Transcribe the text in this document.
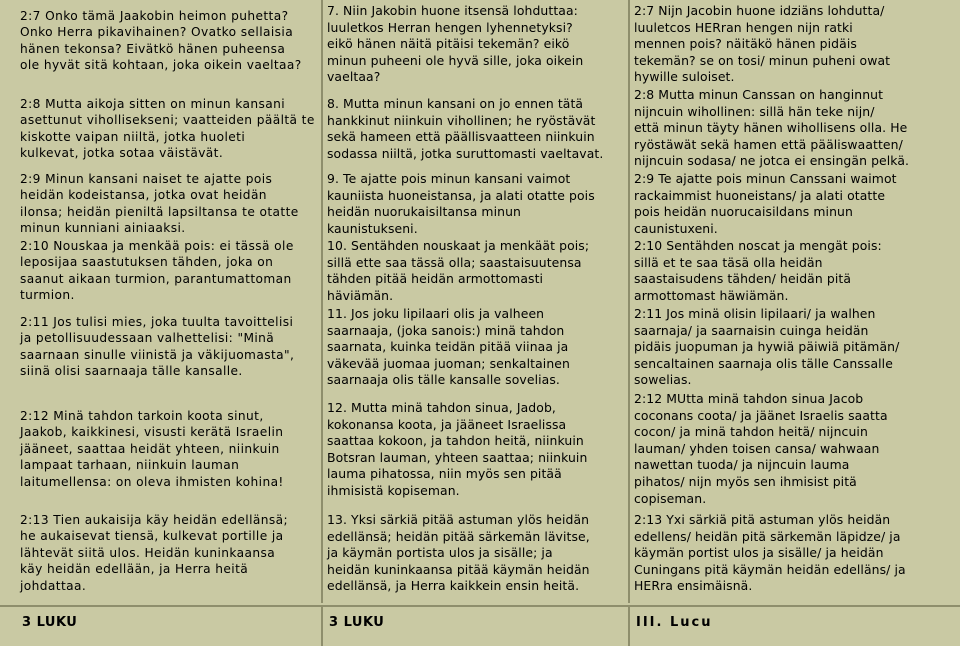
2:7 Onko tämä Jaakobin heimon puhetta?
Onko Herra pikavihainen? Ovatko sellaisia
hänen tekonsa? Eivätkö hänen puheensa
ole hyvät sitä kohtaan, joka oikein vaeltaa?
2:8 Mutta aikoja sitten on minun kansani
asettunut vihollisekseni; vaatteiden päältä te
kiskotte vaipan niiltä, jotka huoleti
kulkevat, jotka sotaa väistävät.
2:9 Minun kansani naiset te ajatte pois
heidän kodeistansa, jotka ovat heidän
ilonsa; heidän pieniltä lapsiltansa te otatte
minun kunniani ainiaaksi.
2:10 Nouskaa ja menkää pois: ei tässä ole
leposijaa saastutuksen tähden, joka on
saanut aikaan turmion, parantumattoman
turmion.
2:11 Jos tulisi mies, joka tuulta tavoittelisi
ja petollisuudessaan valhettelisi: "Minä
saarnaan sinulle viinistä ja väkijuomasta",
siinä olisi saarnaaja tälle kansalle.
2:12 Minä tahdon tarkoin koota sinut,
Jaakob, kaikkinesi, visusti kerätä Israelin
jääneet, saattaa heidät yhteen, niinkuin
lampaat tarhaan, niinkuin lauman
laitumellensa: on oleva ihmisten kohina!
2:13 Tien aukaisija käy heidän edellänsä;
he aukaisevat tiensä, kulkevat portille ja
lähtevät siitä ulos. Heidän kuninkaansa
käy heidän edellään, ja Herra heitä
johdattaa.
7. Niin Jakobin huone itsensä lohduttaa:
luuletkos Herran hengen lyhennetyksi?
eikö hänen näitä pitäisi tekemän? eikö
minun puheeni ole hyvä sille, joka oikein
vaeltaa?
8. Mutta minun kansani on jo ennen tätä
hankkinut niinkuin vihollinen; he ryöstävät
sekä hameen että päällisvaatteen niinkuin
sodassa niiltä, jotka suruttomasti vaeltavat.
9. Te ajatte pois minun kansani vaimot
kauniista huoneistansa, ja alati otatte pois
heidän nuorukaisiltansa minun
kaunistukseni.
10. Sentähden nouskaat ja menkäät pois;
sillä ette saa tässä olla; saastaisuutensa
tähden pitää heidän armottomasti
häviämän.
11. Jos joku lipilaari olis ja valheen
saarnaaja, (joka sanois:) minä tahdon
saarnata, kuinka teidän pitää viinaa ja
väkevää juomaa juoman; senkaltainen
saarnaaja olis tälle kansalle sovelias.
12. Mutta minä tahdon sinua, Jadob,
kokonansa koota, ja jääneet Israelissa
saattaa kokoon, ja tahdon heitä, niinkuin
Botsran lauman, yhteen saattaa; niinkuin
lauma pihatossa, niin myös sen pitää
ihmisistä kopiseman.
13. Yksi särkiä pitää astuman ylös heidän
edellänsä; heidän pitää särkemän lävitse,
ja käymän portista ulos ja sisälle; ja
heidän kuninkaansa pitää käymän heidän
edellänsä, ja Herra kaikkein ensin heitä.
2:7 Nijn Jacobin huone idziäns lohdutta/
luuletcos HERran hengen nijn ratki
mennen pois? näitäkö hänen pidäis
tekemän? se on tosi/ minun puheni owat
hywille suloiset.
2:8 Mutta minun Canssan on hanginnut
nijncuin wihollinen: sillä hän teke nijn/
että minun täyty hänen wihollisens olla. He
ryöstäwät sekä hamen että pääliswaatten/
nijncuin sodasa/ ne jotca ei ensingän pelkä.
2:9 Te ajatte pois minun Canssani waimot
rackaimmist huoneistans/ ja alati otatte
pois heidän nuorucaisildans minun
caunistuxeni.
2:10 Sentähden noscat ja mengät pois:
sillä et te saa täsä olla heidän
saastaisudens tähden/ heidän pitä
armottomast häwiämän.
2:11 Jos minä olisin lipilaari/ ja walhen
saarnaja/ ja saarnaisin cuinga heidän
pidäis juopuman ja hywiä päiwiä pitämän/
sencaltainen saarnaja olis tälle Canssalle
sowelias.
2:12 MUtta minä tahdon sinua Jacob
coconans coota/ ja jäänet Israelis saatta
cocon/ ja minä tahdon heitä/ nijncuin
lauman/ yhden toisen cansa/ wahwaan
nawettan tuoda/ ja nijncuin lauma
pihatos/ nijn myös sen ihmisist pitä
copiseman.
2:13 Yxi särkiä pitä astuman ylös heidän
edellens/ heidän pitä särkemän läpidze/ ja
käymän portist ulos ja sisälle/ ja heidän
Cuningans pitä käymän heidän edelläns/ ja
HERra ensimäisnä.
3 LUKU	3 LUKU	III. Lucu
